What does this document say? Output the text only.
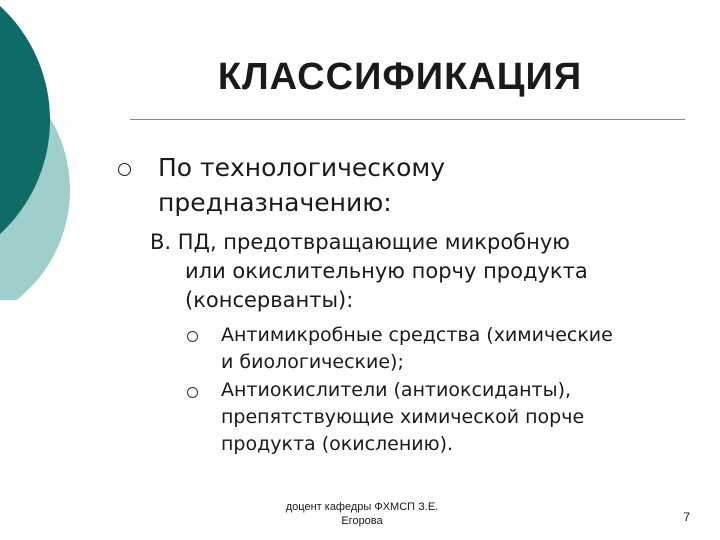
КЛАССИФИКАЦИЯ
По технологическому
предназначению:
В. ПД, предотвращающие микробную
или окислительную порчу продукта
(консерванты):
Антимикробные средства (химические
и биологические);
Антиокислители (антиоксиданты),
препятствующие химической порче
продукта (окислению).
доцент кафедры ФХМСП З.Е.
Егорова	7
